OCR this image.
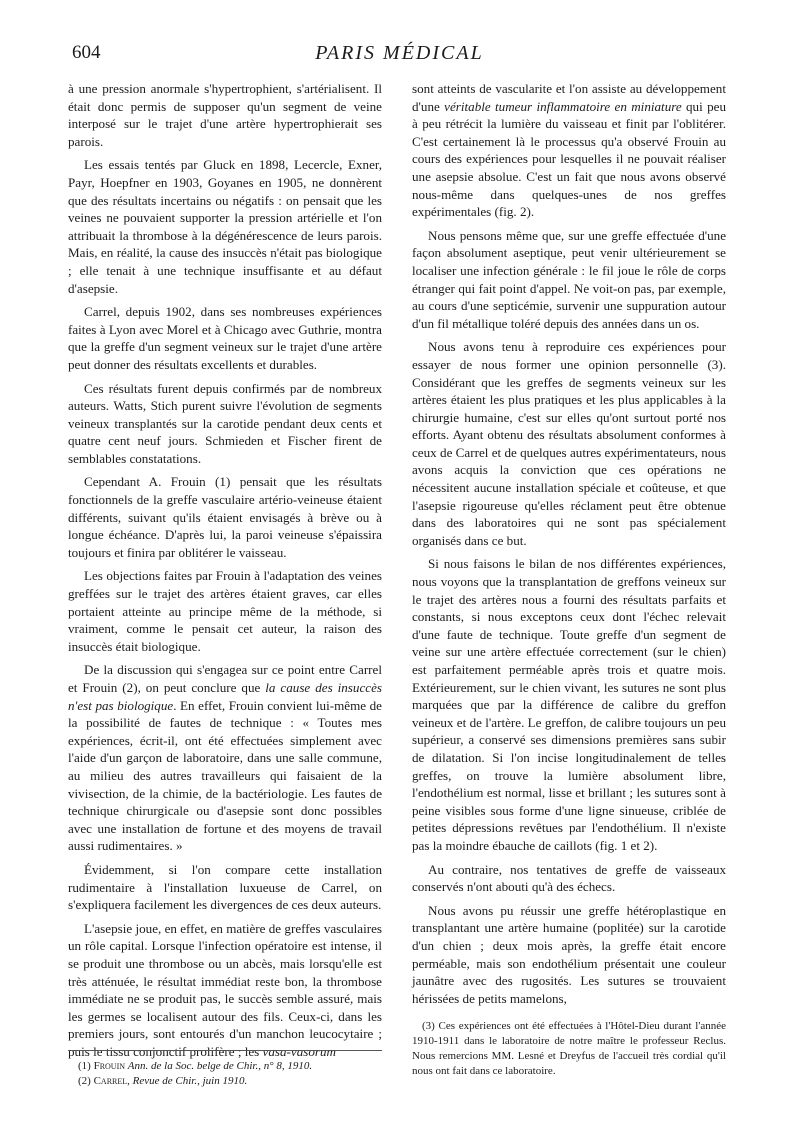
604	PARIS MÉDICAL

à une pression anormale s'hypertrophient, s'artérialisent. Il était donc permis de supposer qu'un segment de veine interposé sur le trajet d'une artère hypertrophierait ses parois.

Les essais tentés par Gluck en 1898, Lecercle, Exner, Payr, Hoepfner en 1903, Goyanes en 1905, ne donnèrent que des résultats incertains ou négatifs : on pensait que les veines ne pouvaient supporter la pression artérielle et l'on attribuait la thrombose à la dégénérescence de leurs parois. Mais, en réalité, la cause des insuccès n'était pas biologique ; elle tenait à une technique insuffisante et au défaut d'asepsie.

Carrel, depuis 1902, dans ses nombreuses expériences faites à Lyon avec Morel et à Chicago avec Guthrie, montra que la greffe d'un segment veineux sur le trajet d'une artère peut donner des résultats excellents et durables.

Ces résultats furent depuis confirmés par de nombreux auteurs. Watts, Stich purent suivre l'évolution de segments veineux transplantés sur la carotide pendant deux cents et quatre cent neuf jours. Schmieden et Fischer firent de semblables constatations.

Cependant A. Frouin (1) pensait que les résultats fonctionnels de la greffe vasculaire artério-veineuse étaient différents, suivant qu'ils étaient envisagés à brève ou à longue échéance. D'après lui, la paroi veineuse s'épaissira toujours et finira par oblitérer le vaisseau.

Les objections faites par Frouin à l'adaptation des veines greffées sur le trajet des artères étaient graves, car elles portaient atteinte au principe même de la méthode, si vraiment, comme le pensait cet auteur, la raison des insuccès était biologique.

De la discussion qui s'engagea sur ce point entre Carrel et Frouin (2), on peut conclure que la cause des insuccès n'est pas biologique. En effet, Frouin convient lui-même de la possibilité de fautes de technique : « Toutes mes expériences, écrit-il, ont été effectuées simplement avec l'aide d'un garçon de laboratoire, dans une salle commune, au milieu des autres travailleurs qui faisaient de la vivisection, de la chimie, de la bactériologie. Les fautes de technique chirurgicale ou d'asepsie sont donc possibles avec une installation de fortune et des moyens de travail aussi rudimentaires. »

Évidemment, si l'on compare cette installation rudimentaire à l'installation luxueuse de Carrel, on s'expliquera facilement les divergences de ces deux auteurs.

L'asepsie joue, en effet, en matière de greffes vasculaires un rôle capital. Lorsque l'infection opératoire est intense, il se produit une thrombose ou un abcès, mais lorsqu'elle est très atténuée, le résultat immédiat reste bon, la thrombose immédiate ne se produit pas, le succès semble assuré, mais les germes se localisent autour des fils. Ceux-ci, dans les premiers jours, sont entourés d'un manchon leucocytaire ; puis le tissu conjonctif prolifère ; les vasa-vasorum

sont atteints de vascularite et l'on assiste au développement d'une véritable tumeur inflammatoire en miniature qui peu à peu rétrécit la lumière du vaisseau et finit par l'oblitérer. C'est certainement là le processus qu'a observé Frouin au cours des expériences pour lesquelles il ne pouvait réaliser une asepsie absolue. C'est un fait que nous avons observé nous-même dans quelques-unes de nos greffes expérimentales (fig. 2).

Nous pensons même que, sur une greffe effectuée d'une façon absolument aseptique, peut venir ultérieurement se localiser une infection générale : le fil joue le rôle de corps étranger qui fait point d'appel. Ne voit-on pas, par exemple, au cours d'une septicémie, survenir une suppuration autour d'un fil métallique toléré depuis des années dans un os.

Nous avons tenu à reproduire ces expériences pour essayer de nous former une opinion personnelle (3). Considérant que les greffes de segments veineux sur les artères étaient les plus pratiques et les plus applicables à la chirurgie humaine, c'est sur elles qu'ont surtout porté nos efforts. Ayant obtenu des résultats absolument conformes à ceux de Carrel et de quelques autres expérimentateurs, nous avons acquis la conviction que ces opérations ne nécessitent aucune installation spéciale et coûteuse, et que l'asepsie rigoureuse qu'elles réclament peut être obtenue dans des laboratoires qui ne sont pas spécialement organisés dans ce but.

Si nous faisons le bilan de nos différentes expériences, nous voyons que la transplantation de greffons veineux sur le trajet des artères nous a fourni des résultats parfaits et constants, si nous exceptons ceux dont l'échec relevait d'une faute de technique. Toute greffe d'un segment de veine sur une artère effectuée correctement (sur le chien) est parfaitement perméable après trois et quatre mois. Extérieurement, sur le chien vivant, les sutures ne sont plus marquées que par la différence de calibre du greffon veineux et de l'artère. Le greffon, de calibre toujours un peu supérieur, a conservé ses dimensions premières sans subir de dilatation. Si l'on incise longitudinalement de telles greffes, on trouve la lumière absolument libre, l'endothélium est normal, lisse et brillant ; les sutures sont à peine visibles sous forme d'une ligne sinueuse, criblée de petites dépressions revêtues par l'endothélium. Il n'existe pas la moindre ébauche de caillots (fig. 1 et 2).

Au contraire, nos tentatives de greffe de vaisseaux conservés n'ont abouti qu'à des échecs.

Nous avons pu réussir une greffe hétéroplastique en transplantant une artère humaine (poplitée) sur la carotide d'un chien ; deux mois après, la greffe était encore perméable, mais son endothélium présentait une couleur jaunâtre avec des rugosités. Les sutures se trouvaient hérissées de petits mamelons,

(3) Ces expériences ont été effectuées à l'Hôtel-Dieu durant l'année 1910-1911 dans le laboratoire de notre maître le professeur Reclus. Nous remercions MM. Lesné et Dreyfus de l'accueil très cordial qu'il nous ont fait dans ce laboratoire.

(1) Frouin Ann. de la Soc. belge de Chir., n° 8, 1910.

(2) Carrel, Revue de Chir., juin 1910.
